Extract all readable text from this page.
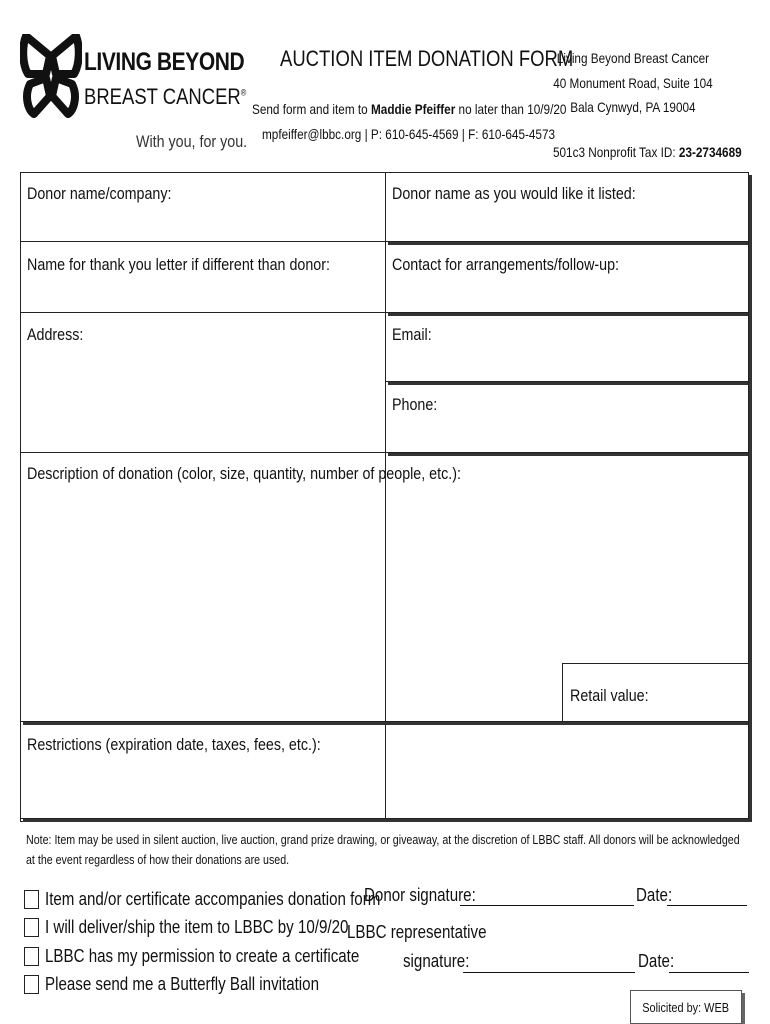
LIVING BEYOND
BREAST CANCER®
With you, for you.
AUCTION ITEM DONATION FORM
Send form and item to Maddie Pfeiffer no later than 10/9/20
mpfeiffer@lbbc.org | P: 610-645-4569 | F: 610-645-4573
Living Beyond Breast Cancer
40 Monument Road, Suite 104
Bala Cynwyd, PA 19004
501c3 Nonprofit Tax ID: 23-2734689
Donor name/company:	Donor name as you would like it listed:
Name for thank you letter if different than donor:	Contact for arrangements/follow-up:
Address:	Email:
Phone:
Description of donation (color, size, quantity, number of people, etc.):
Retail value:
Restrictions (expiration date, taxes, fees, etc.):
Note: Item may be used in silent auction, live auction, grand prize drawing, or giveaway, at the discretion of LBBC staff. All donors will be acknowledged at the event regardless of how their donations are used.
Item and/or certificate accompanies donation form
I will deliver/ship the item to LBBC by 10/9/20
LBBC has my permission to create a certificate
Please send me a Butterfly Ball invitation
Donor signature:	Date:
LBBC representative
signature:	Date:
Solicited by: WEB
